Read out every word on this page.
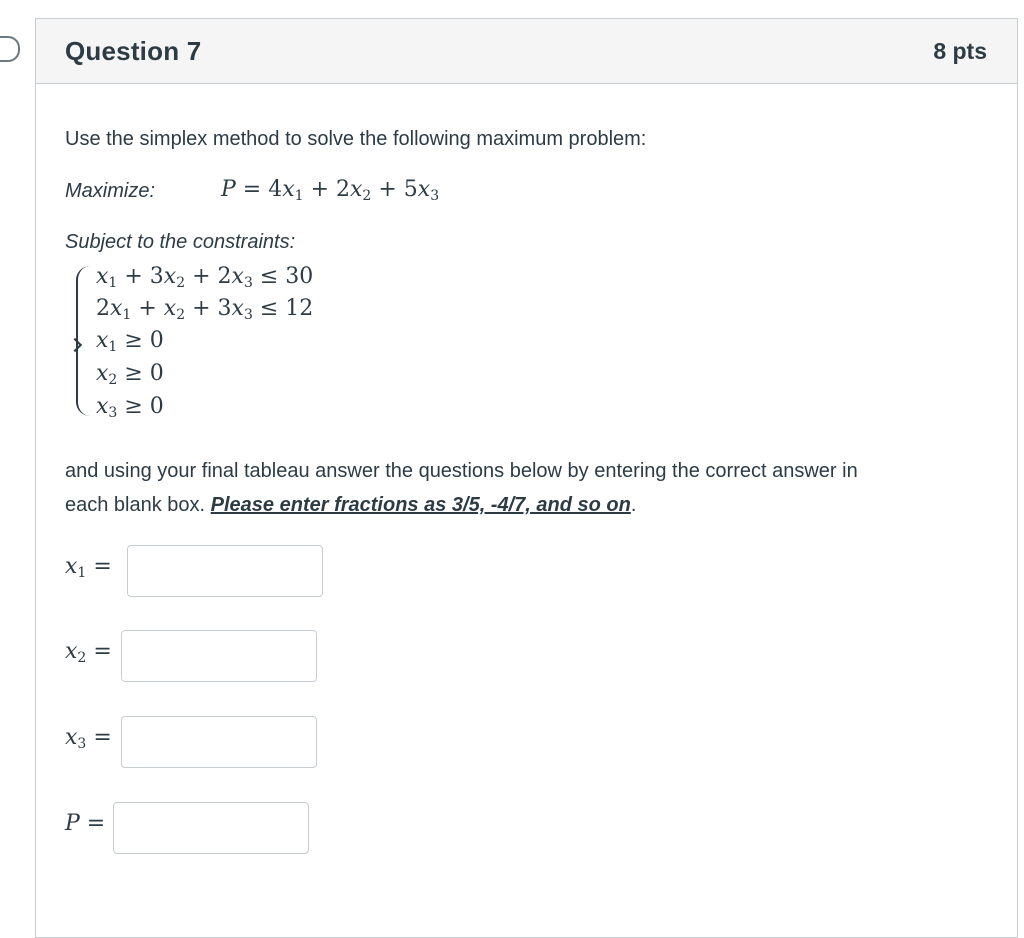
Question 7	8 pts
Use the simplex method to solve the following maximum problem:
Maximize:	$P = 4x_1 + 2x_2 + 5x_3$
Subject to the constraints:
$x_1 + 3x_2 + 2x_3 \le 30$
$2x_1 + x_2 + 3x_3 \le 12$
$x_1 \ge 0$
$x_2 \ge 0$
$x_3 \ge 0$
and using your final tableau answer the questions below by entering the correct answer in
each blank box. Please enter fractions as 3/5, -4/7, and so on.
$x_1$ =
$x_2$ =
$x_3$ =
P =
